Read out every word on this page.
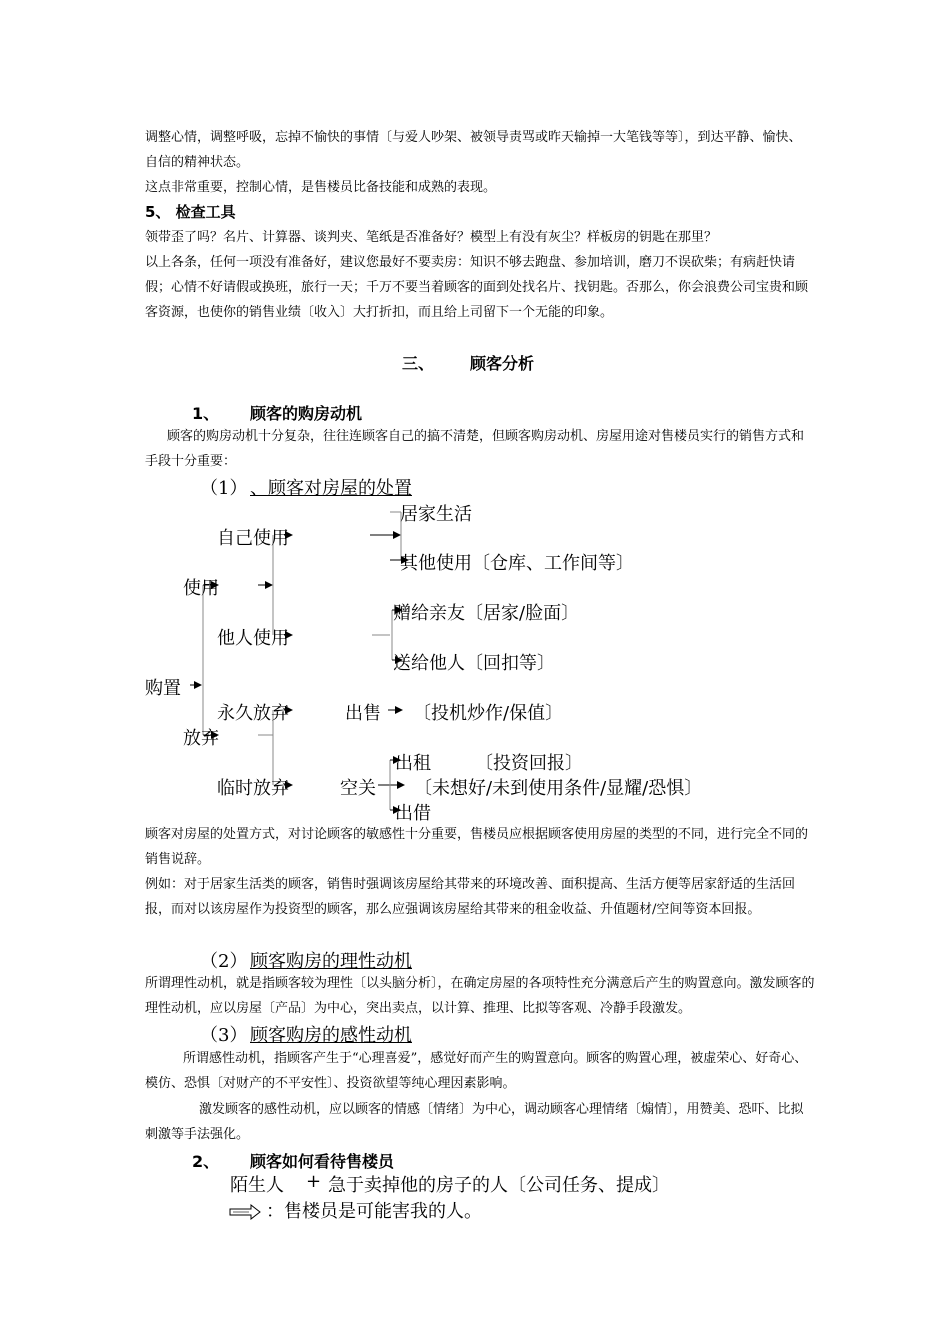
调整心情，调整呼吸，忘掉不愉快的事情〔与爱人吵架、被领导责骂或昨天输掉一大笔钱等等〕，到达平静、愉快、自信的精神状态。
这点非常重要，控制心情，是售楼员比备技能和成熟的表现。
5、 检查工具
领带歪了吗？名片、计算器、谈判夹、笔纸是否准备好？模型上有没有灰尘？样板房的钥匙在那里？
以上各条，任何一项没有准备好，建议您最好不要卖房：知识不够去跑盘、参加培训，磨刀不误砍柴；有病赶快请假；心情不好请假或换班，旅行一天；千万不要当着顾客的面到处找名片、找钥匙。否那么，你会浪费公司宝贵和顾客资源，也使你的销售业绩〔收入〕大打折扣，而且给上司留下一个无能的印象。
三、 顾客分析
1、 顾客的购房动机
顾客的购房动机十分复杂，往往连顾客自己的搞不清楚，但顾客购房动机、房屋用途对售楼员实行的销售方式和手段十分重要：
（1） 、顾客对房屋的处置
购置
使用
放弃
自己使用
他人使用
永久放弃
临时放弃
居家生活
其他使用〔仓库、工作间等〕
赠给亲友〔居家/脸面〕
送给他人〔回扣等〕
出售 〔投机炒作/保值〕
出租 〔投资回报〕
空关 〔未想好/未到使用条件/显耀/恐惧〕
出借
顾客对房屋的处置方式，对讨论顾客的敏感性十分重要，售楼员应根据顾客使用房屋的类型的不同，进行完全不同的销售说辞。
例如：对于居家生活类的顾客，销售时强调该房屋给其带来的环境改善、面积提高、生活方便等居家舒适的生活回报，而对以该房屋作为投资型的顾客，那么应强调该房屋给其带来的租金收益、升值题材/空间等资本回报。
（2） 顾客购房的理性动机
所谓理性动机，就是指顾客较为理性〔以头脑分析〕，在确定房屋的各项特性充分满意后产生的购置意向。激发顾客的理性动机，应以房屋〔产品〕为中心，突出卖点，以计算、推理、比拟等客观、冷静手段激发。
（3） 顾客购房的感性动机
所谓感性动机，指顾客产生于“心理喜爱”，感觉好而产生的购置意向。顾客的购置心理，被虚荣心、好奇心、模仿、恐惧〔对财产的不平安性〕、投资欲望等纯心理因素影响。
激发顾客的感性动机，应以顾客的情感〔情绪〕为中心，调动顾客心理情绪〔煽情〕，用赞美、恐吓、比拟刺激等手法强化。
2、 顾客如何看待售楼员
陌生人 + 急于卖掉他的房子的人〔公司任务、提成〕
：售楼员是可能害我的人。
